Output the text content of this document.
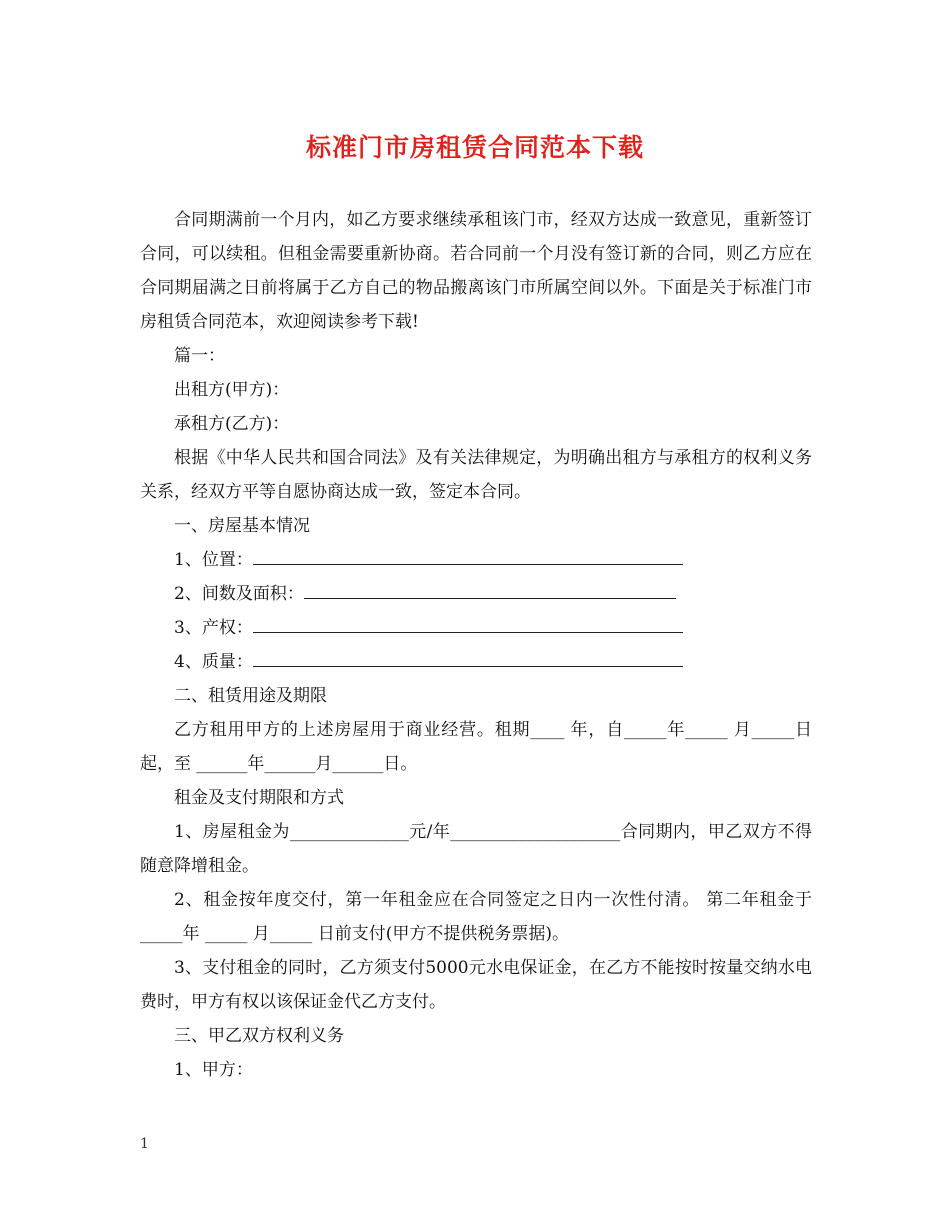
标准门市房租赁合同范本下载

合同期满前一个月内，如乙方要求继续承租该门市，经双方达成一致意见，重新签订合同，可以续租。但租金需要重新协商。若合同前一个月没有签订新的合同，则乙方应在合同期届满之日前将属于乙方自己的物品搬离该门市所属空间以外。下面是关于标准门市房租赁合同范本，欢迎阅读参考下载!

篇一：

出租方(甲方)：

承租方(乙方)：

根据《中华人民共和国合同法》及有关法律规定，为明确出租方与承租方的权利义务关系，经双方平等自愿协商达成一致，签定本合同。

一、房屋基本情况

1、位置：

2、间数及面积：

3、产权：

4、质量：

二、租赁用途及期限

乙方租用甲方的上述房屋用于商业经营。租期____ 年，自_____年_____ 月_____日起，至 ______年______月______日。

租金及支付期限和方式

1、房屋租金为______________元/年____________________合同期内，甲乙双方不得随意降增租金。

2、租金按年度交付，第一年租金应在合同签定之日内一次性付清。 第二年租金于_____年 _____ 月_____ 日前支付(甲方不提供税务票据)。

3、支付租金的同时，乙方须支付5000元水电保证金，在乙方不能按时按量交纳水电费时，甲方有权以该保证金代乙方支付。

三、甲乙双方权利义务

1、甲方：

1
